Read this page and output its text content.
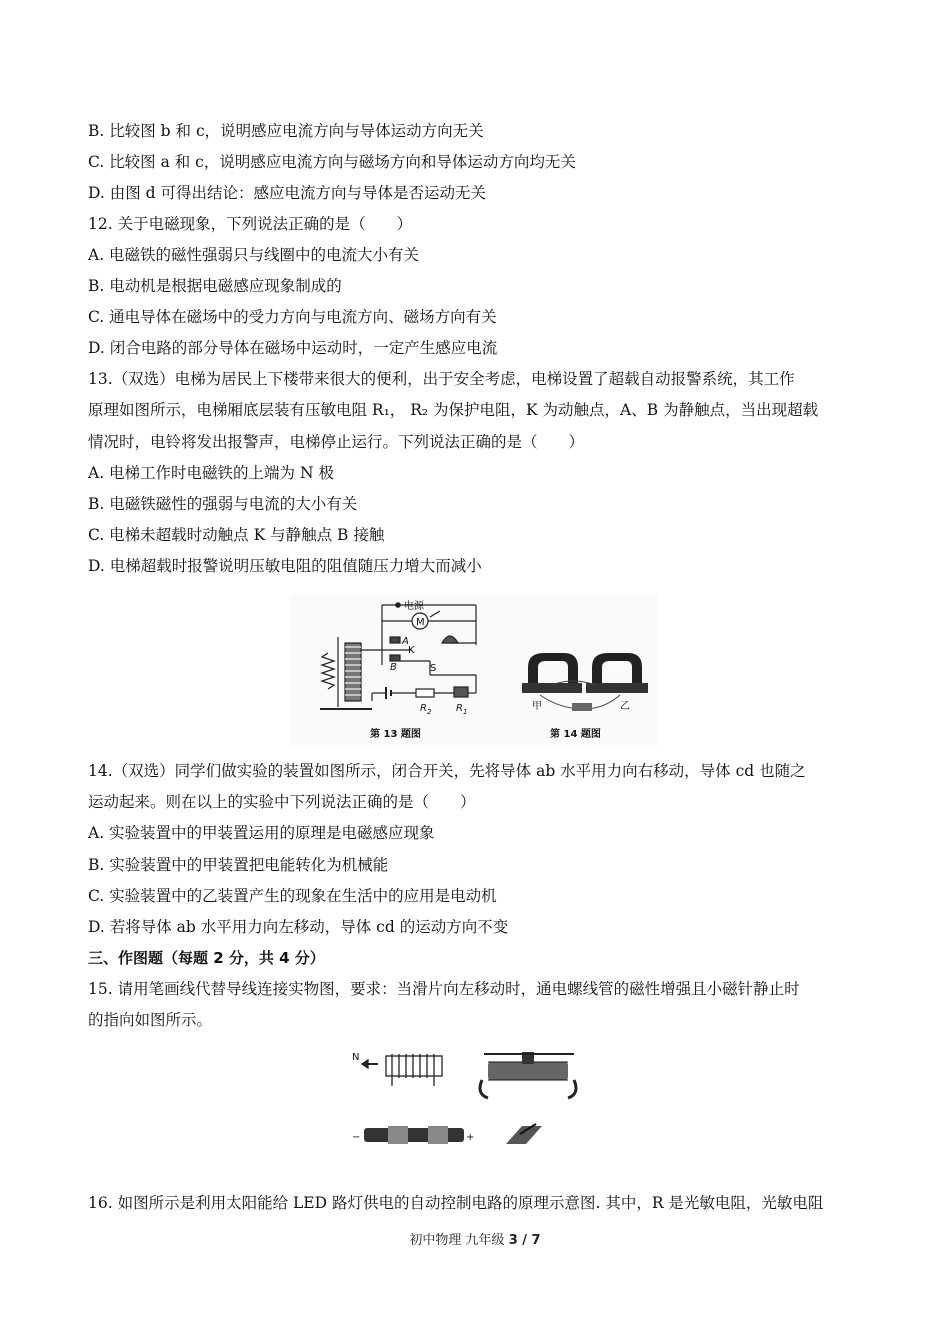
B. 比较图 b 和 c，说明感应电流方向与导体运动方向无关
C. 比较图 a 和 c，说明感应电流方向与磁场方向和导体运动方向均无关
D. 由图 d 可得出结论：感应电流方向与导体是否运动无关
12. 关于电磁现象，下列说法正确的是（　　）
A. 电磁铁的磁性强弱只与线圈中的电流大小有关
B. 电动机是根据电磁感应现象制成的
C. 通电导体在磁场中的受力方向与电流方向、磁场方向有关
D. 闭合电路的部分导体在磁场中运动时，一定产生感应电流
13.（双选）电梯为居民上下楼带来很大的便利，出于安全考虑，电梯设置了超载自动报警系统，其工作
原理如图所示，电梯厢底层装有压敏电阻 R₁， R₂ 为保护电阻，K 为动触点，A、B 为静触点，当出现超载
情况时，电铃将发出报警声，电梯停止运行。下列说法正确的是（　　）
A. 电梯工作时电磁铁的上端为 N 极
B. 电磁铁磁性的强弱与电流的大小有关
C. 电梯未超载时动触点 K 与静触点 B 接触
D. 电梯超载时报警说明压敏电阻的阻值随压力增大而减小
电源
M
A
K
B	S
$R_2$ $R_1$
第 13 题图
b	d
甲	乙
第 14 题图
14.（双选）同学们做实验的装置如图所示，闭合开关，先将导体 ab 水平用力向右移动，导体 cd 也随之
运动起来。则在以上的实验中下列说法正确的是（　　）
A. 实验装置中的甲装置运用的原理是电磁感应现象
B. 实验装置中的甲装置把电能转化为机械能
C. 实验装置中的乙装置产生的现象在生活中的应用是电动机
D. 若将导体 ab 水平用力向左移动，导体 cd 的运动方向不变
三、作图题（每题 2 分，共 4 分）
15. 请用笔画线代替导线连接实物图，要求：当滑片向左移动时，通电螺线管的磁性增强且小磁针静止时
的指向如图所示。
N
−	+
16. 如图所示是利用太阳能给 LED 路灯供电的自动控制电路的原理示意图. 其中，R 是光敏电阻，光敏电阻
初中物理 九年级 3 / 7
